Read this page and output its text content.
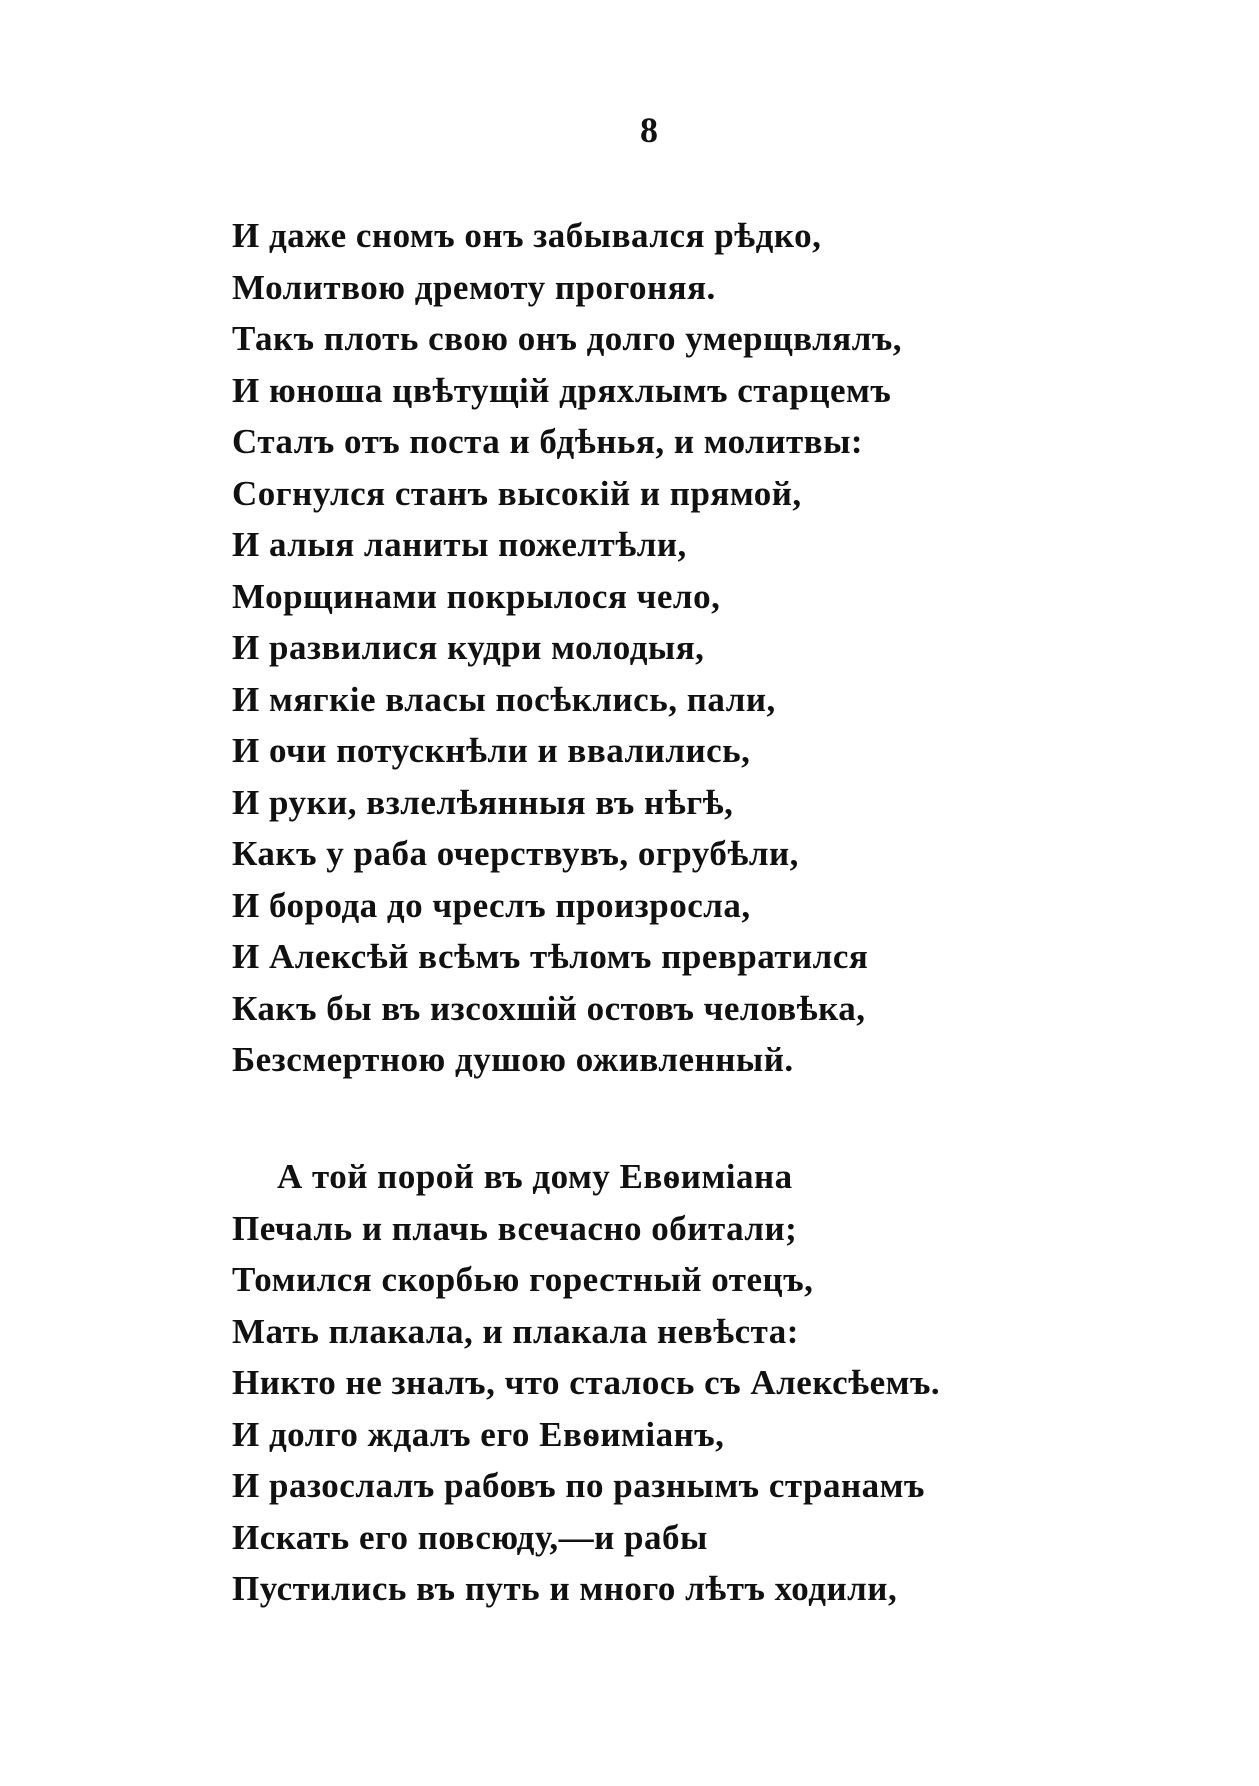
8
И даже сномъ онъ забывался рѣдко,
Молитвою дремоту прогоняя.
Такъ плоть свою онъ долго умерщвлялъ,
И юноша цвѣтущій дряхлымъ старцемъ
Сталъ отъ поста и бдѣнья, и молитвы:
Согнулся станъ высокій и прямой,
И алыя ланиты пожелтѣли,
Морщинами покрылося чело,
И развилися кудри молодыя,
И мягкіе власы посѣклись, пали,
И очи потускнѣли и ввалились,
И руки, взлелѣянныя въ нѣгѣ,
Какъ у раба очерствувъ, огрубѣли,
И борода до чреслъ произросла,
И Алексѣй всѣмъ тѣломъ превратился
Какъ бы въ изсохшій остовъ человѣка,
Безсмертною душою оживленный.
А той порой въ дому Евѳиміана
Печаль и плачь всечасно обитали;
Томился скорбью горестный отецъ,
Мать плакала, и плакала невѣста:
Никто не зналъ, что сталось съ Алексѣемъ.
И долго ждалъ его Евѳиміанъ,
И разослалъ рабовъ по разнымъ странамъ
Искать его повсюду,—и рабы
Пустились въ путь и много лѣтъ ходили,
